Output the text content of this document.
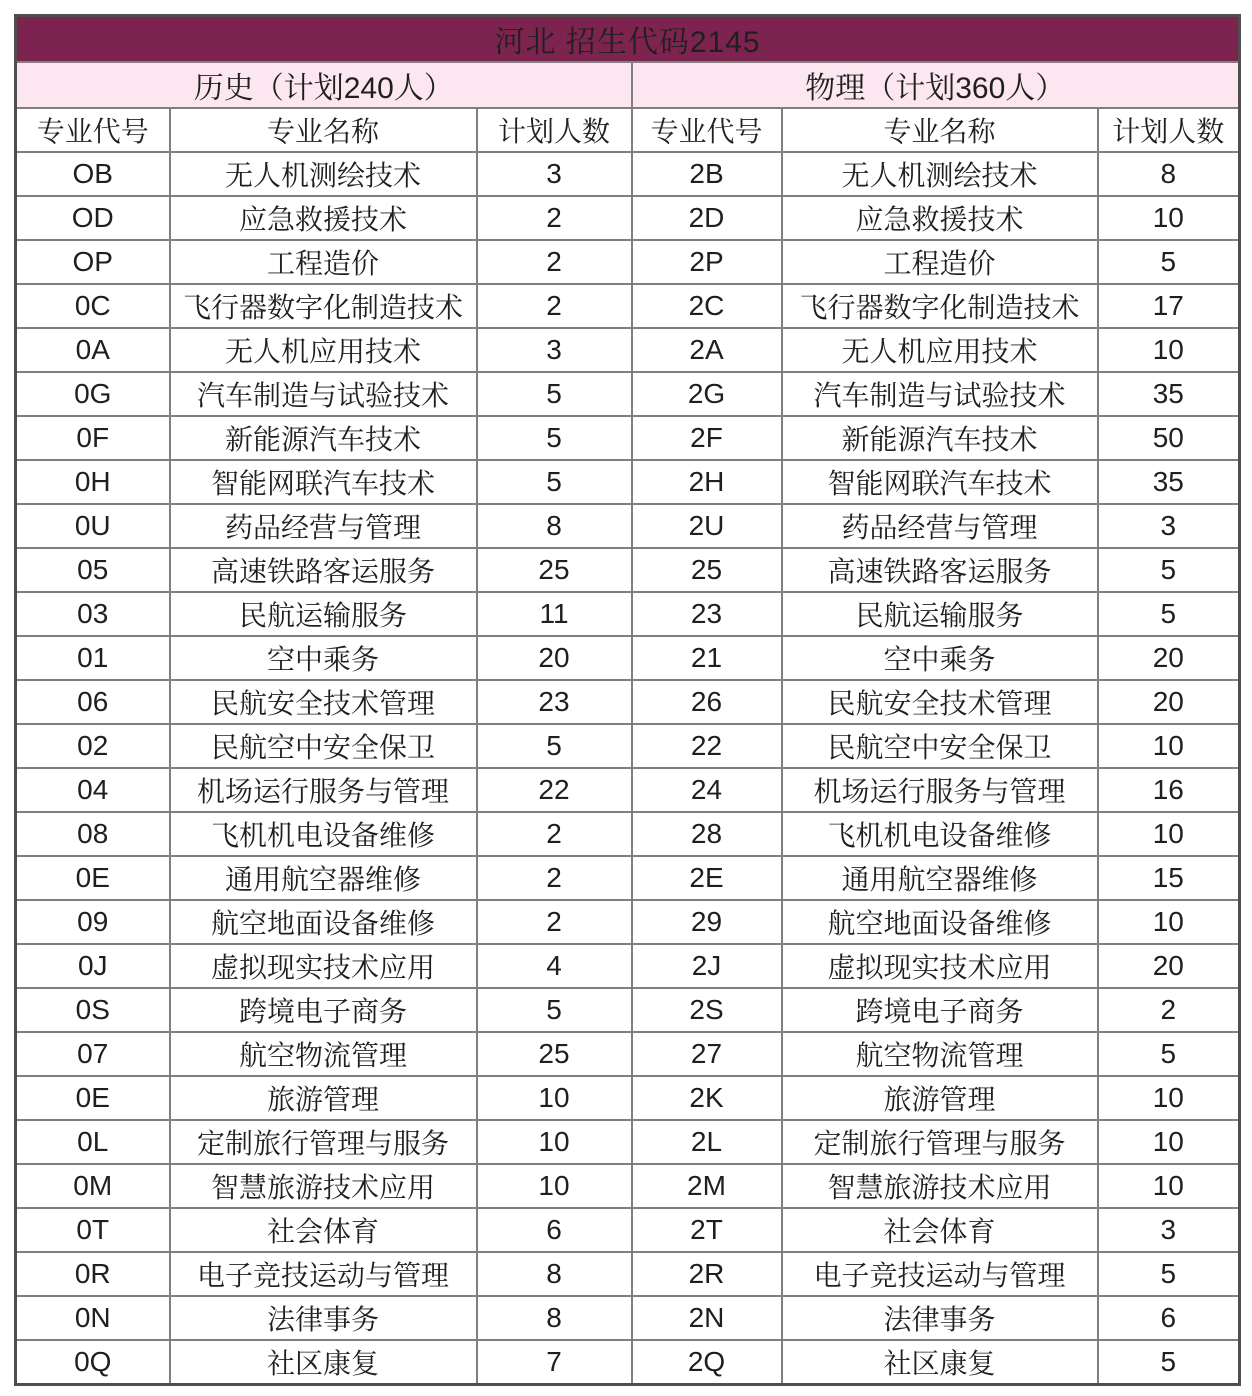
河北 招生代码2145					
历史（计划240人）			物理（计划360人）		
专业代号	专业名称	计划人数	专业代号	专业名称	计划人数
OB	无人机测绘技术	3	2B	无人机测绘技术	8
OD	应急救援技术	2	2D	应急救援技术	10
OP	工程造价	2	2P	工程造价	5
0C	飞行器数字化制造技术	2	2C	飞行器数字化制造技术	17
0A	无人机应用技术	3	2A	无人机应用技术	10
0G	汽车制造与试验技术	5	2G	汽车制造与试验技术	35
0F	新能源汽车技术	5	2F	新能源汽车技术	50
0H	智能网联汽车技术	5	2H	智能网联汽车技术	35
0U	药品经营与管理	8	2U	药品经营与管理	3
05	高速铁路客运服务	25	25	高速铁路客运服务	5
03	民航运输服务	11	23	民航运输服务	5
01	空中乘务	20	21	空中乘务	20
06	民航安全技术管理	23	26	民航安全技术管理	20
02	民航空中安全保卫	5	22	民航空中安全保卫	10
04	机场运行服务与管理	22	24	机场运行服务与管理	16
08	飞机机电设备维修	2	28	飞机机电设备维修	10
0E	通用航空器维修	2	2E	通用航空器维修	15
09	航空地面设备维修	2	29	航空地面设备维修	10
0J	虚拟现实技术应用	4	2J	虚拟现实技术应用	20
0S	跨境电子商务	5	2S	跨境电子商务	2
07	航空物流管理	25	27	航空物流管理	5
0E	旅游管理	10	2K	旅游管理	10
0L	定制旅行管理与服务	10	2L	定制旅行管理与服务	10
0M	智慧旅游技术应用	10	2M	智慧旅游技术应用	10
0T	社会体育	6	2T	社会体育	3
0R	电子竞技运动与管理	8	2R	电子竞技运动与管理	5
0N	法律事务	8	2N	法律事务	6
0Q	社区康复	7	2Q	社区康复	5
